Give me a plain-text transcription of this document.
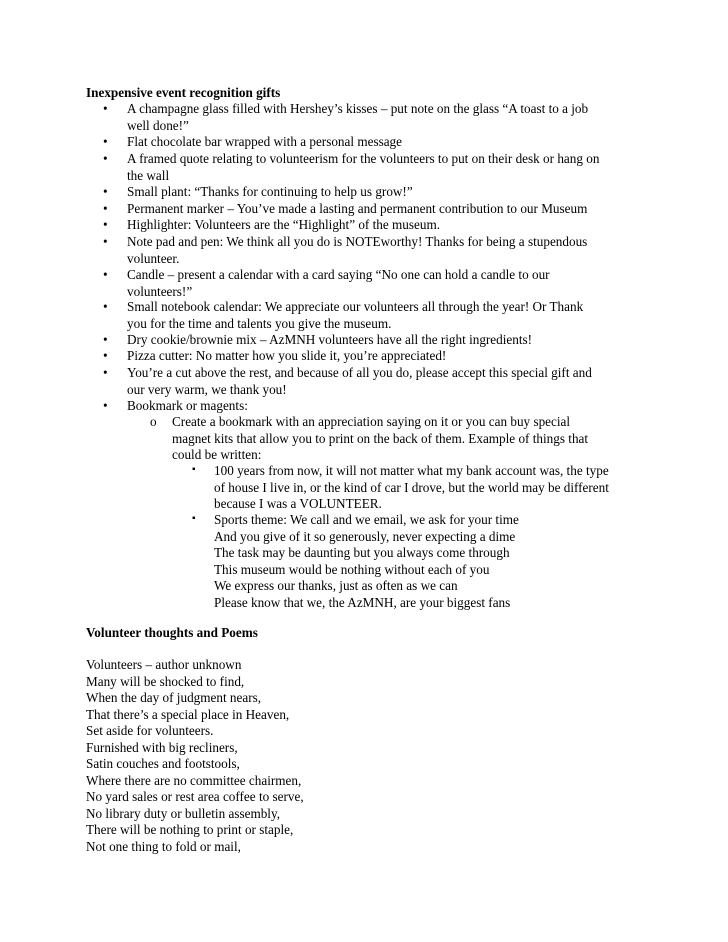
Inexpensive event recognition gifts
• A champagne glass filled with Hershey’s kisses – put note on the glass “A toast to a job
well done!”
• Flat chocolate bar wrapped with a personal message
• A framed quote relating to volunteerism for the volunteers to put on their desk or hang on
the wall
• Small plant: “Thanks for continuing to help us grow!”
• Permanent marker – You’ve made a lasting and permanent contribution to our Museum
• Highlighter: Volunteers are the “Highlight” of the museum.
• Note pad and pen: We think all you do is NOTEworthy! Thanks for being a stupendous
volunteer.
• Candle – present a calendar with a card saying “No one can hold a candle to our
volunteers!”
• Small notebook calendar: We appreciate our volunteers all through the year! Or Thank
you for the time and talents you give the museum.
• Dry cookie/brownie mix – AzMNH volunteers have all the right ingredients!
• Pizza cutter: No matter how you slide it, you’re appreciated!
• You’re a cut above the rest, and because of all you do, please accept this special gift and
our very warm, we thank you!
• Bookmark or magents:
o Create a bookmark with an appreciation saying on it or you can buy special
magnet kits that allow you to print on the back of them. Example of things that
could be written:
▪ 100 years from now, it will not matter what my bank account was, the type
of house I live in, or the kind of car I drove, but the world may be different
because I was a VOLUNTEER.
▪ Sports theme: We call and we email, we ask for your time
And you give of it so generously, never expecting a dime
The task may be daunting but you always come through
This museum would be nothing without each of you
We express our thanks, just as often as we can
Please know that we, the AzMNH, are your biggest fans
Volunteer thoughts and Poems
Volunteers – author unknown
Many will be shocked to find,
When the day of judgment nears,
That there’s a special place in Heaven,
Set aside for volunteers.
Furnished with big recliners,
Satin couches and footstools,
Where there are no committee chairmen,
No yard sales or rest area coffee to serve,
No library duty or bulletin assembly,
There will be nothing to print or staple,
Not one thing to fold or mail,
